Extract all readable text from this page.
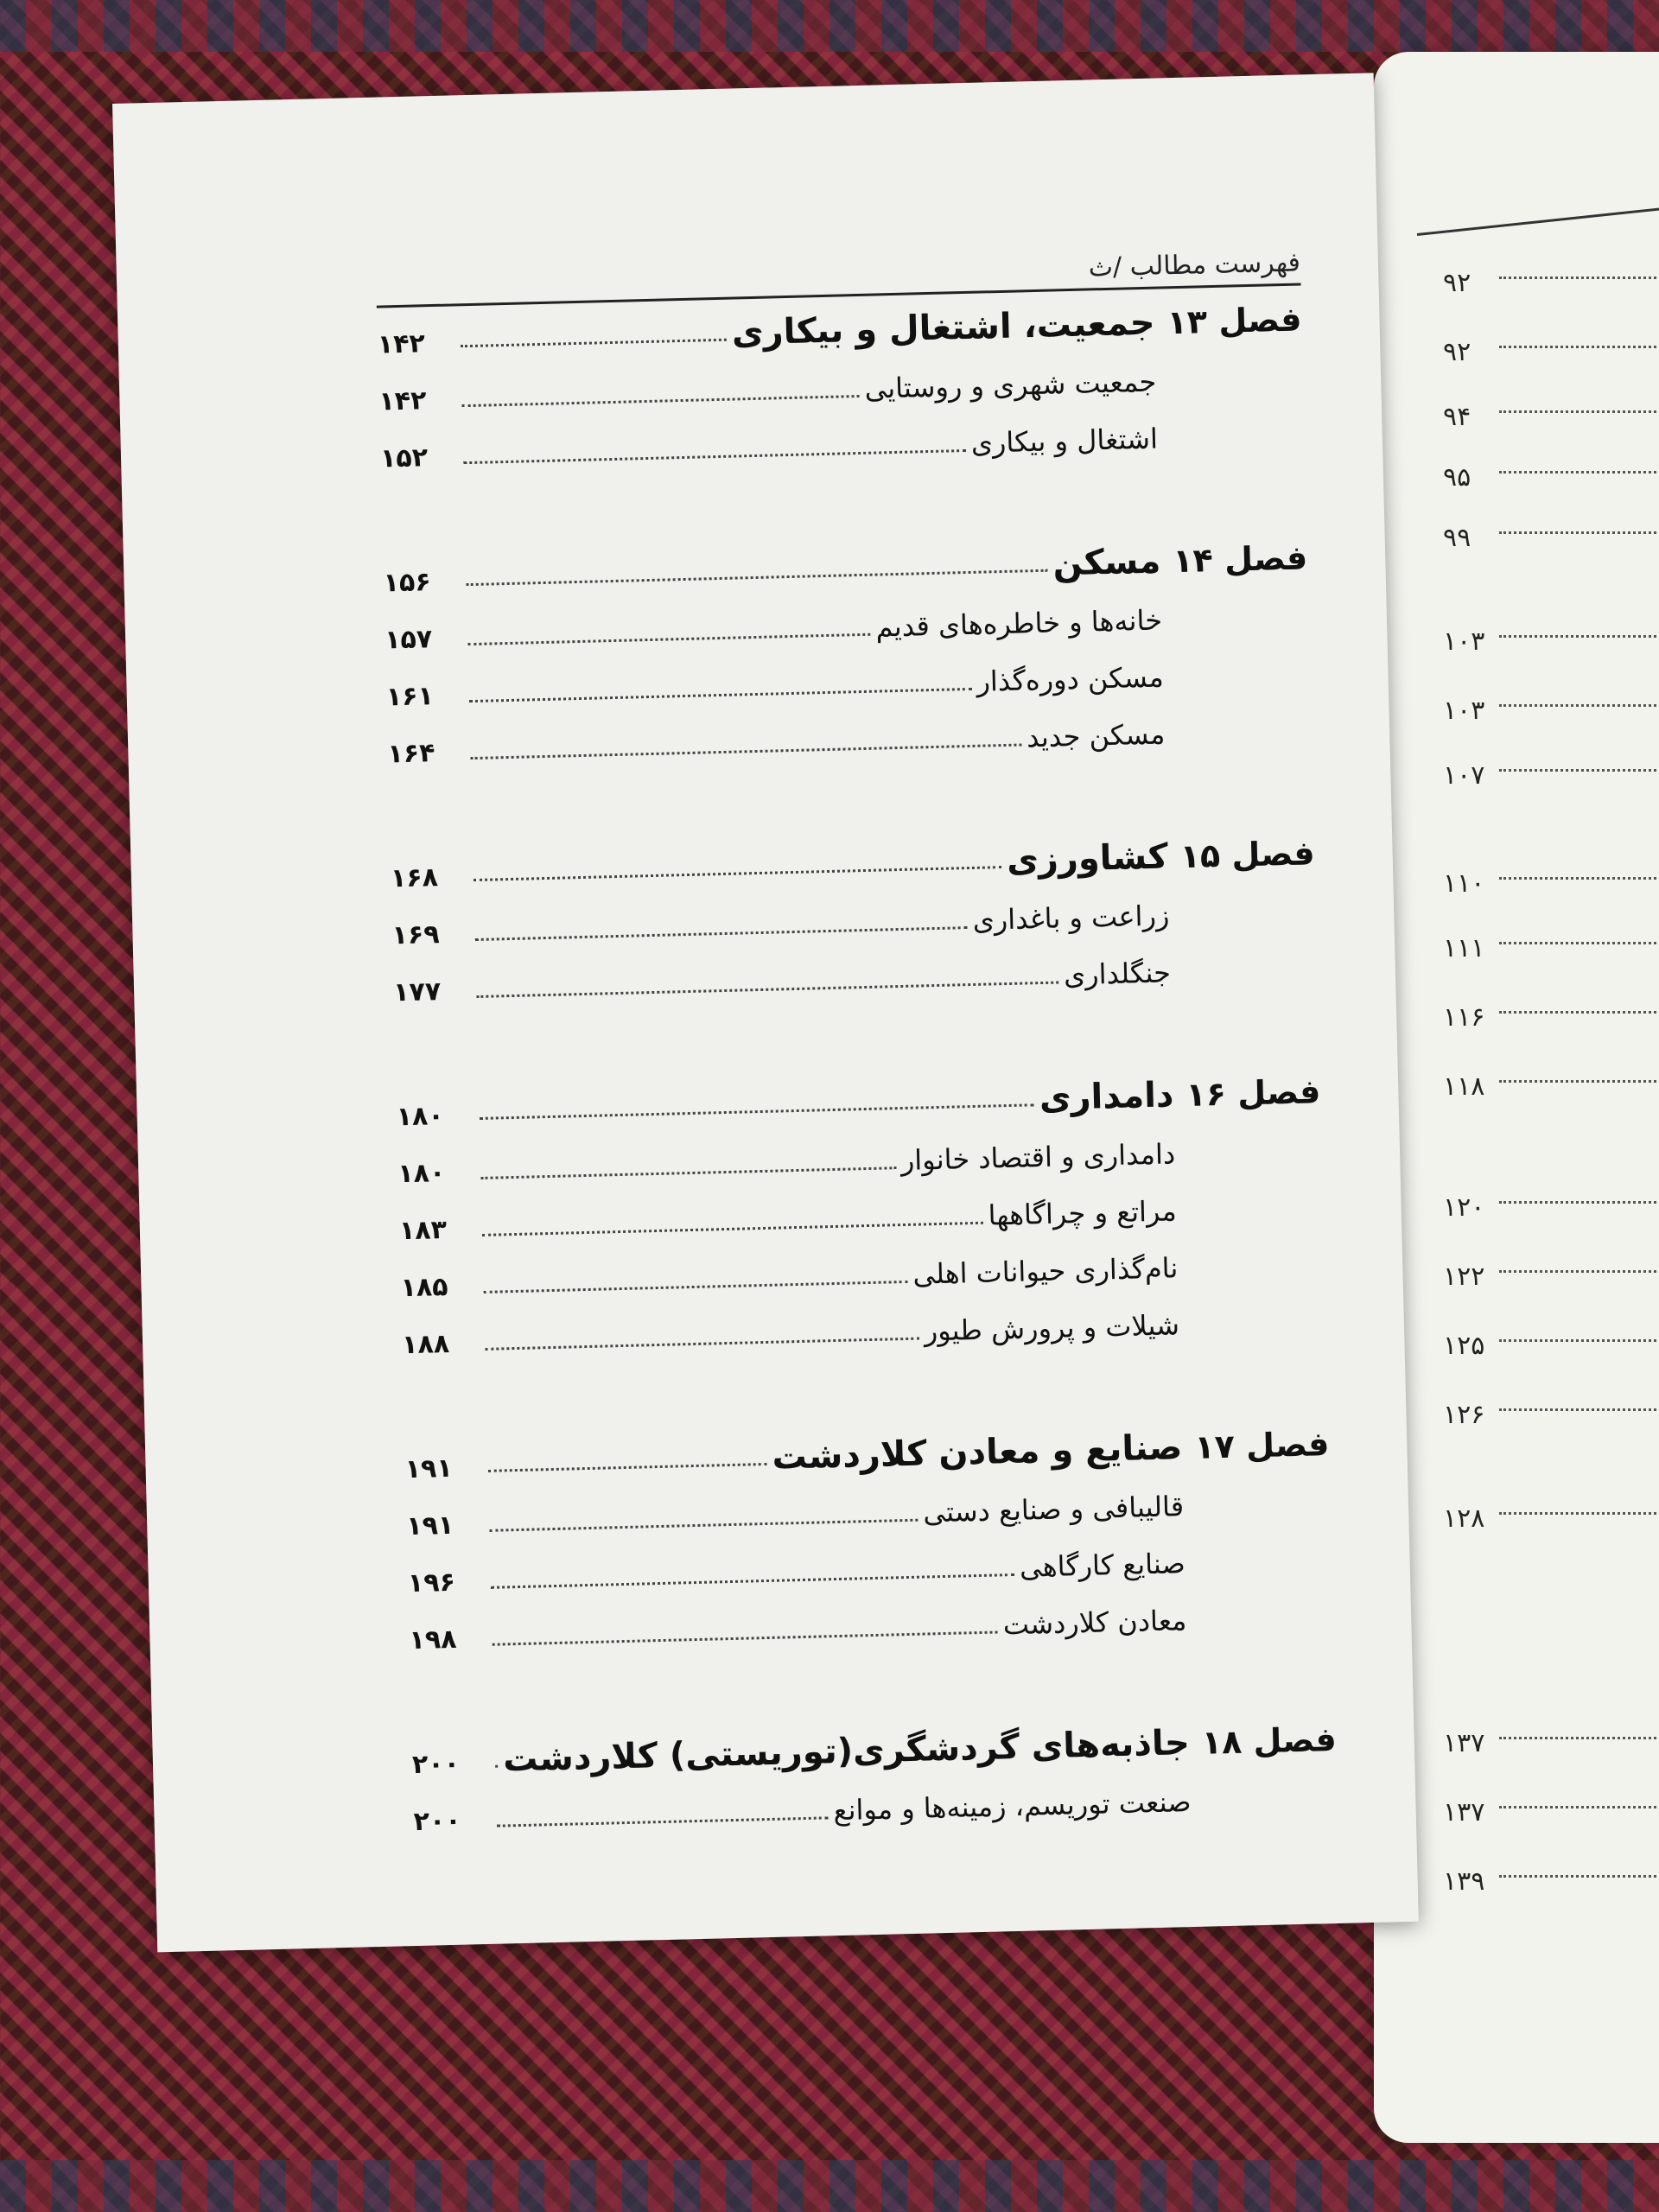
۹۲
۹۲
۹۴
۹۵
۹۹
۱۰۳
۱۰۳
۱۰۷
۱۱۰
۱۱۱
۱۱۶
۱۱۸
۱۲۰
۱۲۲
۱۲۵
۱۲۶
۱۲۸
۱۳۷
۱۳۷
۱۳۹
فهرست مطالب /ث
فصل ۱۳
جمعیت، اشتغال و بیکاری
۱۴۲
جمعیت شهری و روستایی
۱۴۲
اشتغال و بیکاری
۱۵۲
فصل ۱۴
مسکن
۱۵۶
خانه‌ها و خاطره‌های قدیم
۱۵۷
مسکن دوره‌گذار
۱۶۱
مسکن جدید
۱۶۴
فصل ۱۵
کشاورزی
۱۶۸
زراعت و باغداری
۱۶۹
جنگلداری
۱۷۷
فصل ۱۶
دامداری
۱۸۰
دامداری و اقتصاد خانوار
۱۸۰
مراتع و چراگاهها
۱۸۳
نام‌گذاری حیوانات اهلی
۱۸۵
شیلات و پرورش طیور
۱۸۸
فصل ۱۷
صنایع و معادن کلاردشت
۱۹۱
قالیبافی و صنایع دستی
۱۹۱
صنایع کارگاهی
۱۹۶
معادن کلاردشت
۱۹۸
فصل ۱۸
جاذبه‌های گردشگری(توریستی) کلاردشت
۲۰۰
صنعت توریسم، زمینه‌ها و موانع
۲۰۰
